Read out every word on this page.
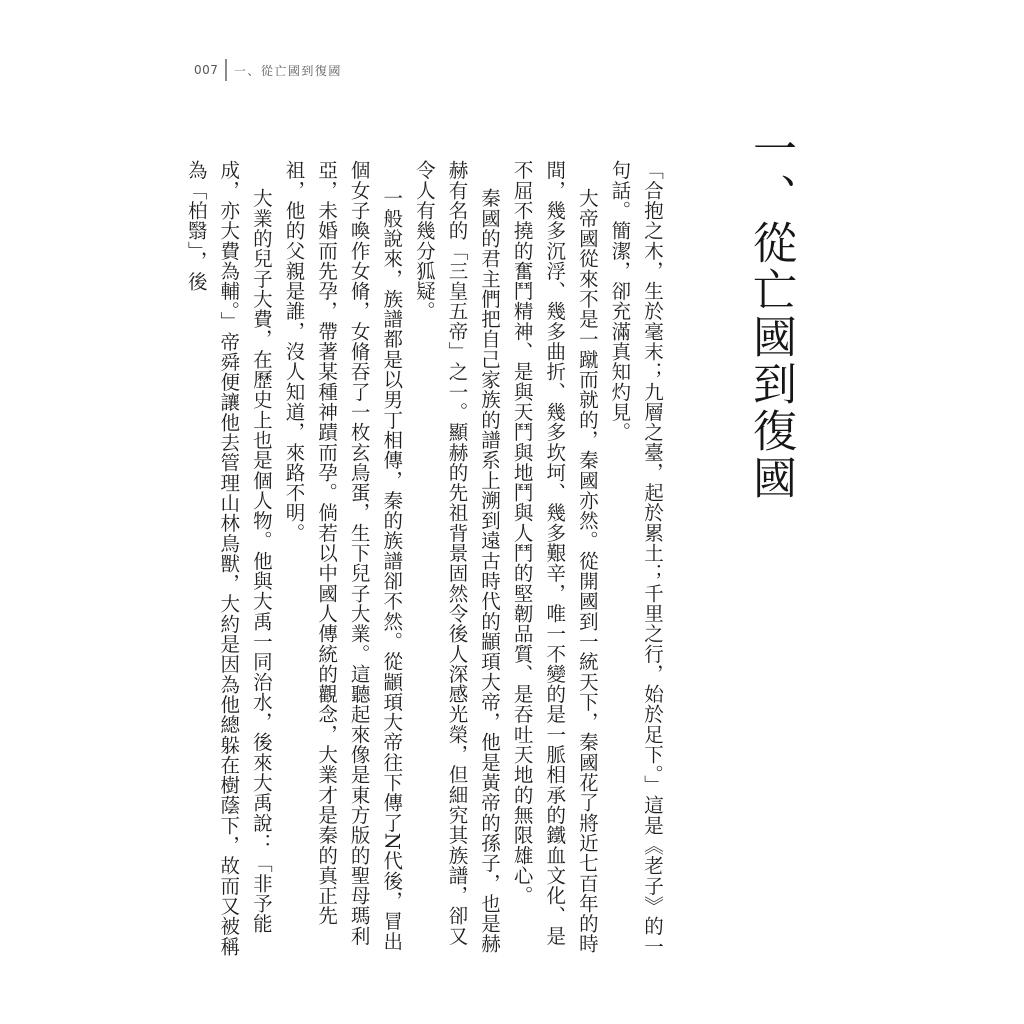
007 一、從亡國到復國
一、從亡國到復國

「合抱之木，生於毫末；九層之臺，起於累土；千里之行，始於足下。」這是《老子》的一句話。簡潔，卻充滿真知灼見。

大帝國從來不是一蹴而就的，秦國亦然。從開國到一統天下，秦國花了將近七百年的時間，幾多沉浮、幾多曲折、幾多坎坷、幾多艱辛，唯一不變的是一脈相承的鐵血文化、是不屈不撓的奮鬥精神、是與天鬥與地鬥與人鬥的堅韌品質、是吞吐天地的無限雄心。

秦國的君主們把自己家族的譜系上溯到遠古時代的顓頊大帝，他是黃帝的孫子，也是赫赫有名的「三皇五帝」之一。顯赫的先祖背景固然令後人深感光榮，但細究其族譜，卻又令人有幾分狐疑。

一般說來，族譜都是以男丁相傳，秦的族譜卻不然。從顓頊大帝往下傳了N代後，冒出個女子喚作女脩，女脩吞了一枚玄鳥蛋，生下兒子大業。這聽起來像是東方版的聖母瑪利亞，未婚而先孕，帶著某種神蹟而孕。倘若以中國人傳統的觀念，大業才是秦的真正先祖，他的父親是誰，沒人知道，來路不明。

大業的兒子大費，在歷史上也是個人物。他與大禹一同治水，後來大禹說：「非予能成，亦大費為輔。」帝舜便讓他去管理山林鳥獸，大約是因為他總躲在樹蔭下，故而又被稱為「柏翳」，後
